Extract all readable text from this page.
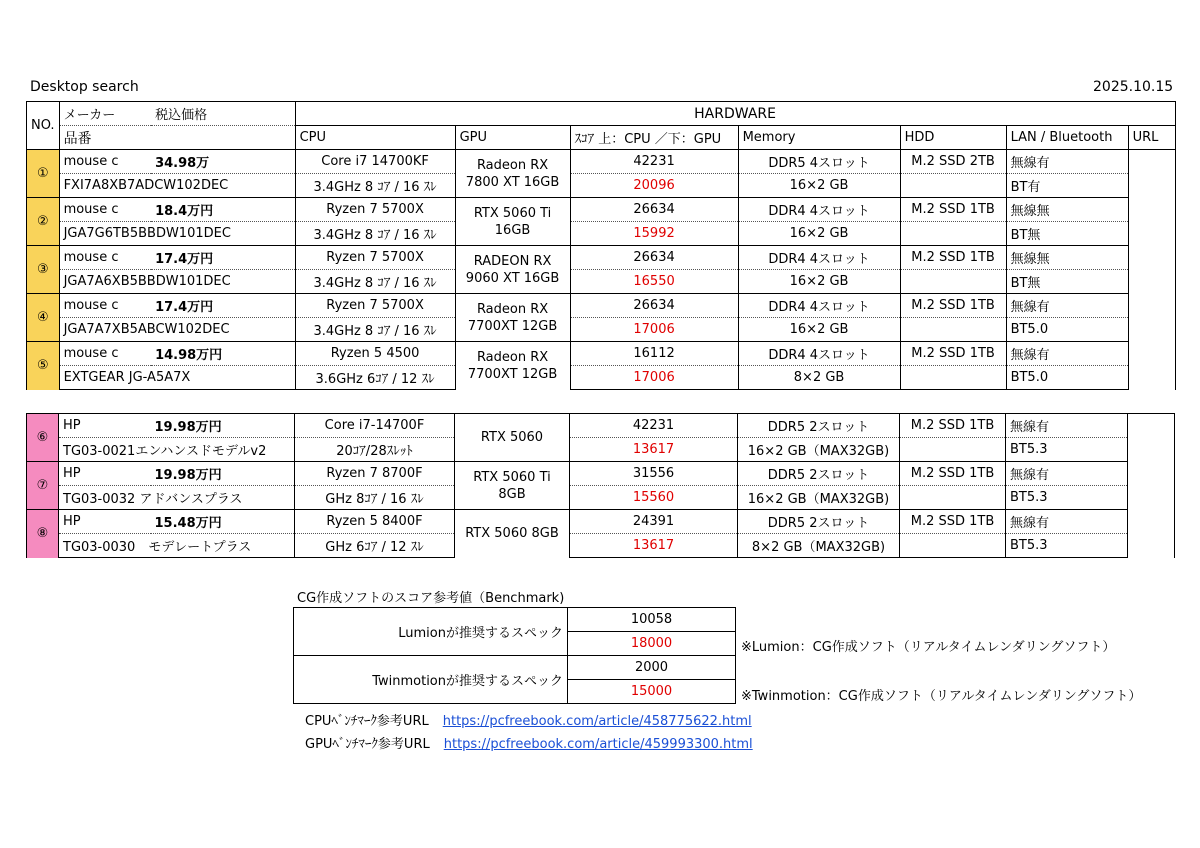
Desktop search	2025.10.15
NO.	メーカー	税込価格	HARDWARE						
	品番		CPU	GPU	ｽｺｱ 上：CPU ／下：GPU	Memory	HDD	LAN / Bluetooth	URL
①	mouse c	34.98万	Core i7 14700KF	Radeon RX
7800 XT 16GB	42231	DDR5 4スロット	M.2 SSD 2TB	無線有	
	FXI7A8XB7ADCW102DEC		3.4GHz 8 ｺｱ / 16 ｽﾚ		20096	16×2 GB		BT有	
②	mouse c	18.4万円	Ryzen 7 5700X	RTX 5060 Ti
16GB	26634	DDR4 4スロット	M.2 SSD 1TB	無線無	
	JGA7G6TB5BBDW101DEC		3.4GHz 8 ｺｱ / 16 ｽﾚ		15992	16×2 GB		BT無	
③	mouse c	17.4万円	Ryzen 7 5700X	RADEON RX
9060 XT 16GB	26634	DDR4 4スロット	M.2 SSD 1TB	無線無	
	JGA7A6XB5BBDW101DEC		3.4GHz 8 ｺｱ / 16 ｽﾚ		16550	16×2 GB		BT無	
④	mouse c	17.4万円	Ryzen 7 5700X	Radeon RX
7700XT 12GB	26634	DDR4 4スロット	M.2 SSD 1TB	無線有	
	JGA7A7XB5ABCW102DEC		3.4GHz 8 ｺｱ / 16 ｽﾚ		17006	16×2 GB		BT5.0	
⑤	mouse c	14.98万円	Ryzen 5 4500	Radeon RX
7700XT 12GB	16112	DDR4 4スロット	M.2 SSD 1TB	無線有	
	EXTGEAR JG-A5A7X		3.6GHz 6ｺｱ / 12 ｽﾚ		17006	8×2 GB		BT5.0	
⑥	HP	19.98万円	Core i7-14700F	RTX 5060	42231	DDR5 2スロット	M.2 SSD 1TB	無線有	
	TG03-0021エンハンスドモデルv2		20ｺｱ/28ｽﾚｯﾄ		13617	16×2 GB（MAX32GB)		BT5.3	
⑦	HP	19.98万円	Ryzen 7 8700F	RTX 5060 Ti
8GB	31556	DDR5 2スロット	M.2 SSD 1TB	無線有	
	TG03-0032 アドバンスプラス		GHz 8ｺｱ / 16 ｽﾚ		15560	16×2 GB（MAX32GB)		BT5.3	
⑧	HP	15.48万円	Ryzen 5 8400F	RTX 5060 8GB	24391	DDR5 2スロット	M.2 SSD 1TB	無線有	
	TG03-0030　モデレートプラス		GHz 6ｺｱ / 12 ｽﾚ		13617	8×2 GB（MAX32GB)		BT5.3	
CG作成ソフトのスコア参考値（Benchmark)
Lumionが推奨するスペック	10058
	18000
Twinmotionが推奨するスペック	2000
	15000
※Lumion：CG作成ソフト（リアルタイムレンダリングソフト）
※Twinmotion：CG作成ソフト（リアルタイムレンダリングソフト）
CPUﾍﾞﾝﾁﾏｰｸ参考URL https://pcfreebook.com/article/458775622.html
GPUﾍﾞﾝﾁﾏｰｸ参考URL https://pcfreebook.com/article/459993300.html
